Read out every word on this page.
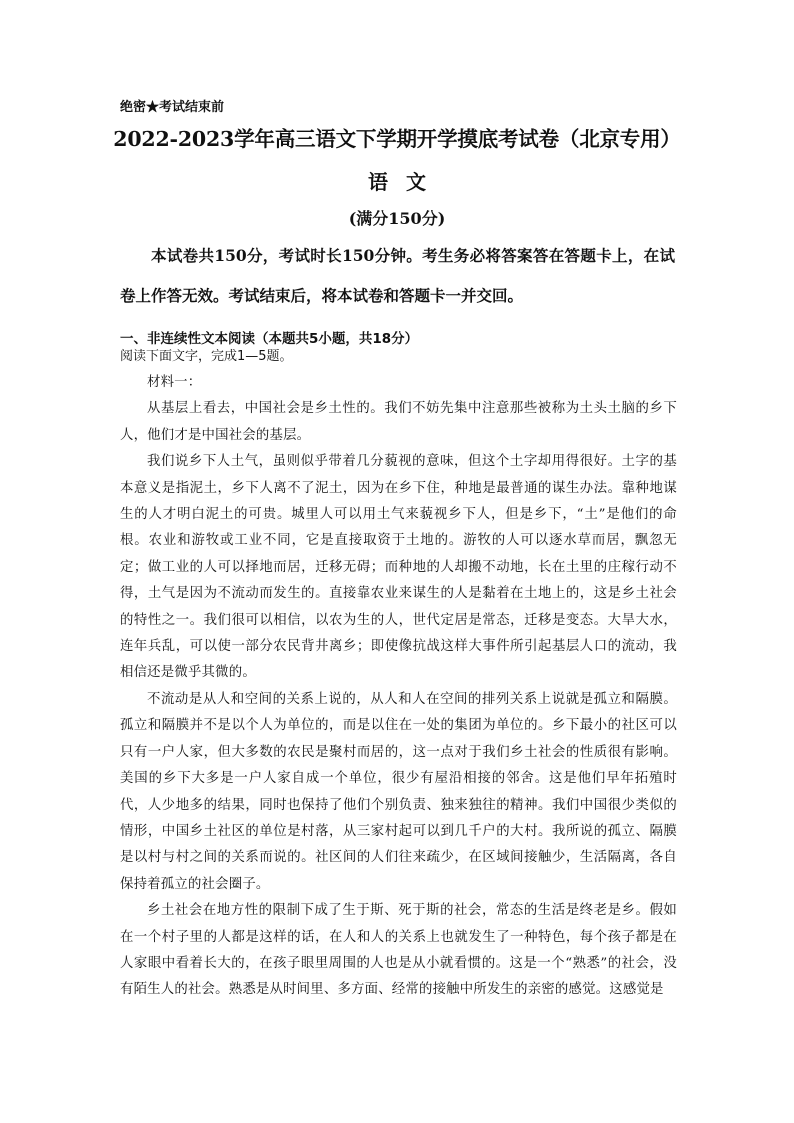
绝密★考试结束前
2022-2023学年高三语文下学期开学摸底考试卷（北京专用）
语文
(满分150分)

本试卷共150分，考试时长150分钟。考生务必将答案答在答题卡上，在试卷上作答无效。考试结束后，将本试卷和答题卡一并交回。

一、非连续性文本阅读（本题共5小题，共18分）
阅读下面文字，完成1—5题。

材料一：

从基层上看去，中国社会是乡土性的。我们不妨先集中注意那些被称为土头土脑的乡下人，他们才是中国社会的基层。

我们说乡下人土气，虽则似乎带着几分藐视的意味，但这个土字却用得很好。土字的基本意义是指泥土，乡下人离不了泥土，因为在乡下住，种地是最普通的谋生办法。靠种地谋生的人才明白泥土的可贵。城里人可以用土气来藐视乡下人，但是乡下，“土”是他们的命根。农业和游牧或工业不同，它是直接取资于土地的。游牧的人可以逐水草而居，飘忽无定；做工业的人可以择地而居，迁移无碍；而种地的人却搬不动地，长在土里的庄稼行动不得，土气是因为不流动而发生的。直接靠农业来谋生的人是黏着在土地上的，这是乡土社会的特性之一。我们很可以相信，以农为生的人，世代定居是常态，迁移是变态。大旱大水，连年兵乱，可以使一部分农民背井离乡；即使像抗战这样大事件所引起基层人口的流动，我相信还是微乎其微的。

不流动是从人和空间的关系上说的，从人和人在空间的排列关系上说就是孤立和隔膜。孤立和隔膜并不是以个人为单位的，而是以住在一处的集团为单位的。乡下最小的社区可以只有一户人家，但大多数的农民是聚村而居的，这一点对于我们乡土社会的性质很有影响。美国的乡下大多是一户人家自成一个单位，很少有屋沿相接的邻舍。这是他们早年拓殖时代，人少地多的结果，同时也保持了他们个别负责、独来独往的精神。我们中国很少类似的情形，中国乡土社区的单位是村落，从三家村起可以到几千户的大村。我所说的孤立、隔膜是以村与村之间的关系而说的。社区间的人们往来疏少，在区域间接触少，生活隔离，各自保持着孤立的社会圈子。

乡土社会在地方性的限制下成了生于斯、死于斯的社会，常态的生活是终老是乡。假如在一个村子里的人都是这样的话，在人和人的关系上也就发生了一种特色，每个孩子都是在人家眼中看着长大的，在孩子眼里周围的人也是从小就看惯的。这是一个“熟悉”的社会，没有陌生人的社会。熟悉是从时间里、多方面、经常的接触中所发生的亲密的感觉。这感觉是
